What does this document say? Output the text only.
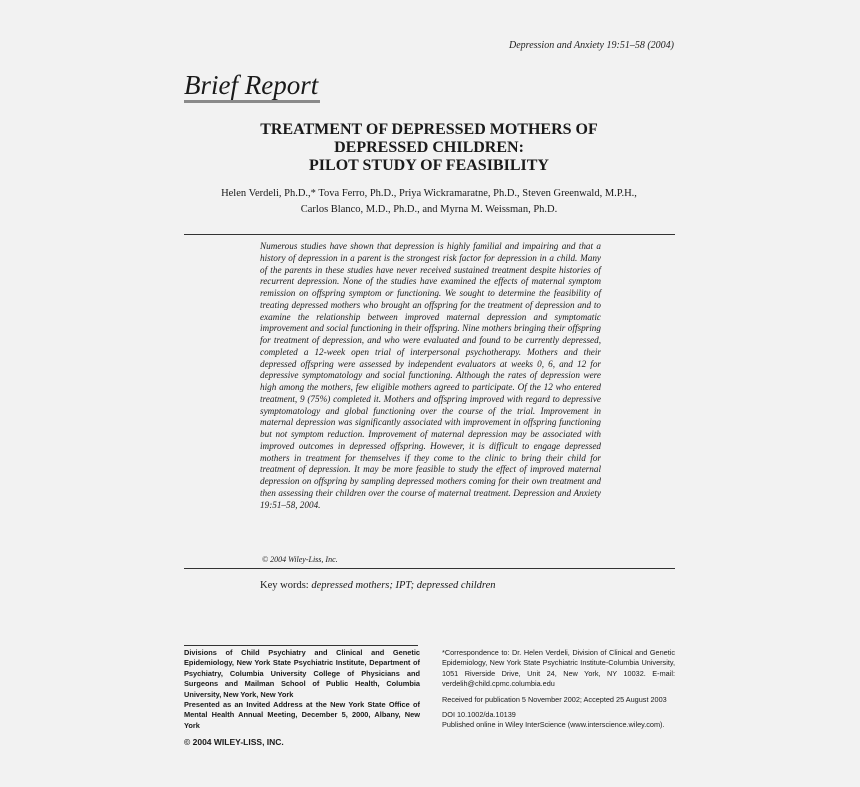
Depression and Anxiety 19:51–58 (2004)
Brief Report
TREATMENT OF DEPRESSED MOTHERS OF
DEPRESSED CHILDREN:
PILOT STUDY OF FEASIBILITY
Helen Verdeli, Ph.D.,* Tova Ferro, Ph.D., Priya Wickramaratne, Ph.D., Steven Greenwald, M.P.H.,
Carlos Blanco, M.D., Ph.D., and Myrna M. Weissman, Ph.D.

Numerous studies have shown that depression is highly familial and impairing and that a history of depression in a parent is the strongest risk factor for depression in a child. Many of the parents in these studies have never received sustained treatment despite histories of recurrent depression. None of the studies have examined the effects of maternal symptom remission on offspring symptom or functioning. We sought to determine the feasibility of treating depressed mothers who brought an offspring for the treatment of depression and to examine the relationship between improved maternal depression and symptomatic improvement and social functioning in their offspring. Nine mothers bringing their offspring for treatment of depression, and who were evaluated and found to be currently depressed, completed a 12-week open trial of interpersonal psychotherapy. Mothers and their depressed offspring were assessed by independent evaluators at weeks 0, 6, and 12 for depressive symptomatology and social functioning. Although the rates of depression were high among the mothers, few eligible mothers agreed to participate. Of the 12 who entered treatment, 9 (75%) completed it. Mothers and offspring improved with regard to depressive symptomatology and global functioning over the course of the trial. Improvement in maternal depression was significantly associated with improvement in offspring functioning but not symptom reduction. Improvement of maternal depression may be associated with improved outcomes in depressed offspring. However, it is difficult to engage depressed mothers in treatment for themselves if they come to the clinic to bring their child for treatment of depression. It may be more feasible to study the effect of improved maternal depression on offspring by sampling depressed mothers coming for their own treatment and then assessing their children over the course of maternal treatment. Depression and Anxiety 19:51–58, 2004.

© 2004 Wiley-Liss, Inc.
Key words: depressed mothers; IPT; depressed children

Divisions of Child Psychiatry and Clinical and Genetic Epidemiology, New York State Psychiatric Institute, Department of Psychiatry, Columbia University College of Physicians and Surgeons and Mailman School of Public Health, Columbia University, New York, New York

Presented as an Invited Address at the New York State Office of Mental Health Annual Meeting, December 5, 2000, Albany, New York

© 2004 WILEY-LISS, INC.

*Correspondence to: Dr. Helen Verdeli, Division of Clinical and Genetic Epidemiology, New York State Psychiatric Institute-Columbia University, 1051 Riverside Drive, Unit 24, New York, NY 10032. E-mail: verdelih@child.cpmc.columbia.edu

Received for publication 5 November 2002; Accepted 25 August 2003

DOI 10.1002/da.10139

Published online in Wiley InterScience (www.interscience.wiley.com).
